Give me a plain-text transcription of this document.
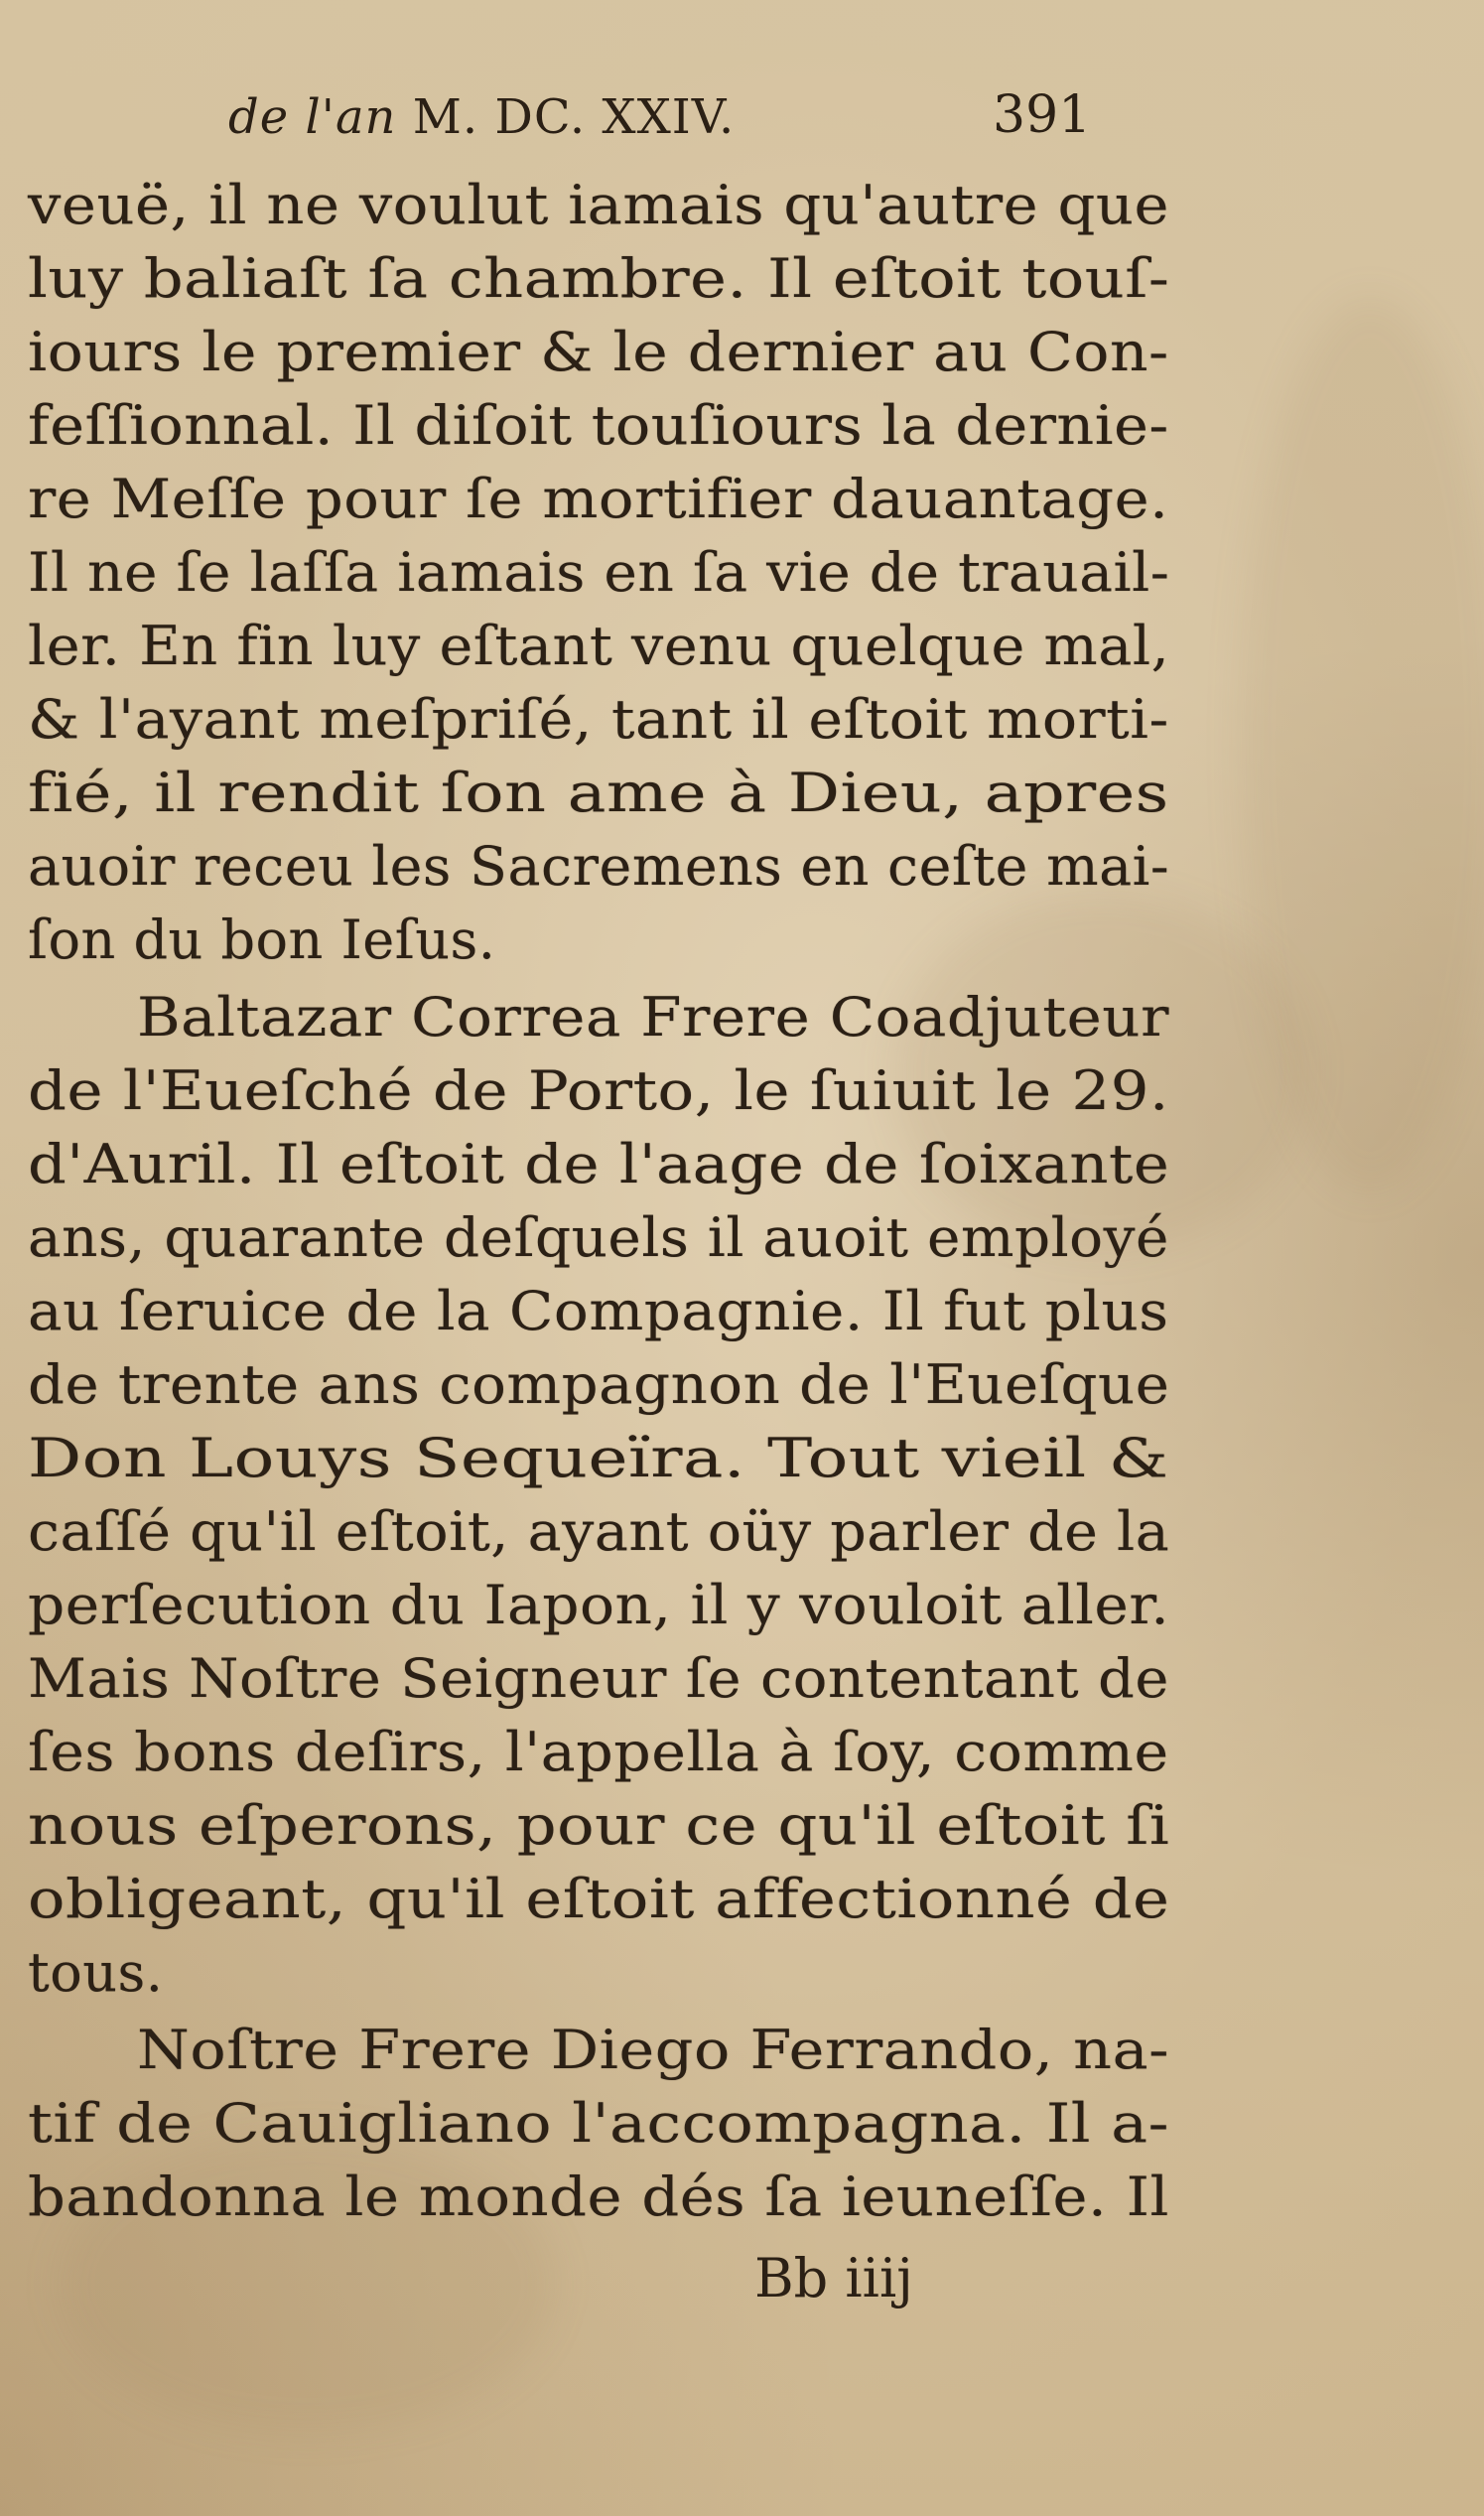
de l'an M. DC. XXIV.	391
veuë, il ne voulut iamais qu'autre que
luy baliaſt ſa chambre. Il eſtoit touſ-
iours le premier & le dernier au Con-
feſſionnal. Il diſoit touſiours la dernie-
re Meſſe pour ſe mortifier dauantage.
Il ne ſe laſſa iamais en ſa vie de trauail-
ler. En fin luy eſtant venu quelque mal,
& l'ayant meſpriſé, tant il eſtoit morti-
fié, il rendit ſon ame à Dieu, apres
auoir receu les Sacremens en ceſte mai-
ſon du bon Ieſus.
Baltazar Correa Frere Coadjuteur
de l'Eueſché de Porto, le ſuiuit le 29.
d'Auril. Il eſtoit de l'aage de ſoixante
ans, quarante deſquels il auoit employé
au ſeruice de la Compagnie. Il fut plus
de trente ans compagnon de l'Eueſque
Don Louys Sequeïra. Tout vieil &
caſſé qu'il eſtoit, ayant oüy parler de la
perſecution du Iapon, il y vouloit aller.
Mais Noſtre Seigneur ſe contentant de
ſes bons deſirs, l'appella à ſoy, comme
nous eſperons, pour ce qu'il eſtoit ſi
obligeant, qu'il eſtoit affectionné de
tous.
Noſtre Frere Diego Ferrando, na-
tif de Cauigliano l'accompagna. Il a-
bandonna le monde dés ſa ieuneſſe. Il
Bb iiij
